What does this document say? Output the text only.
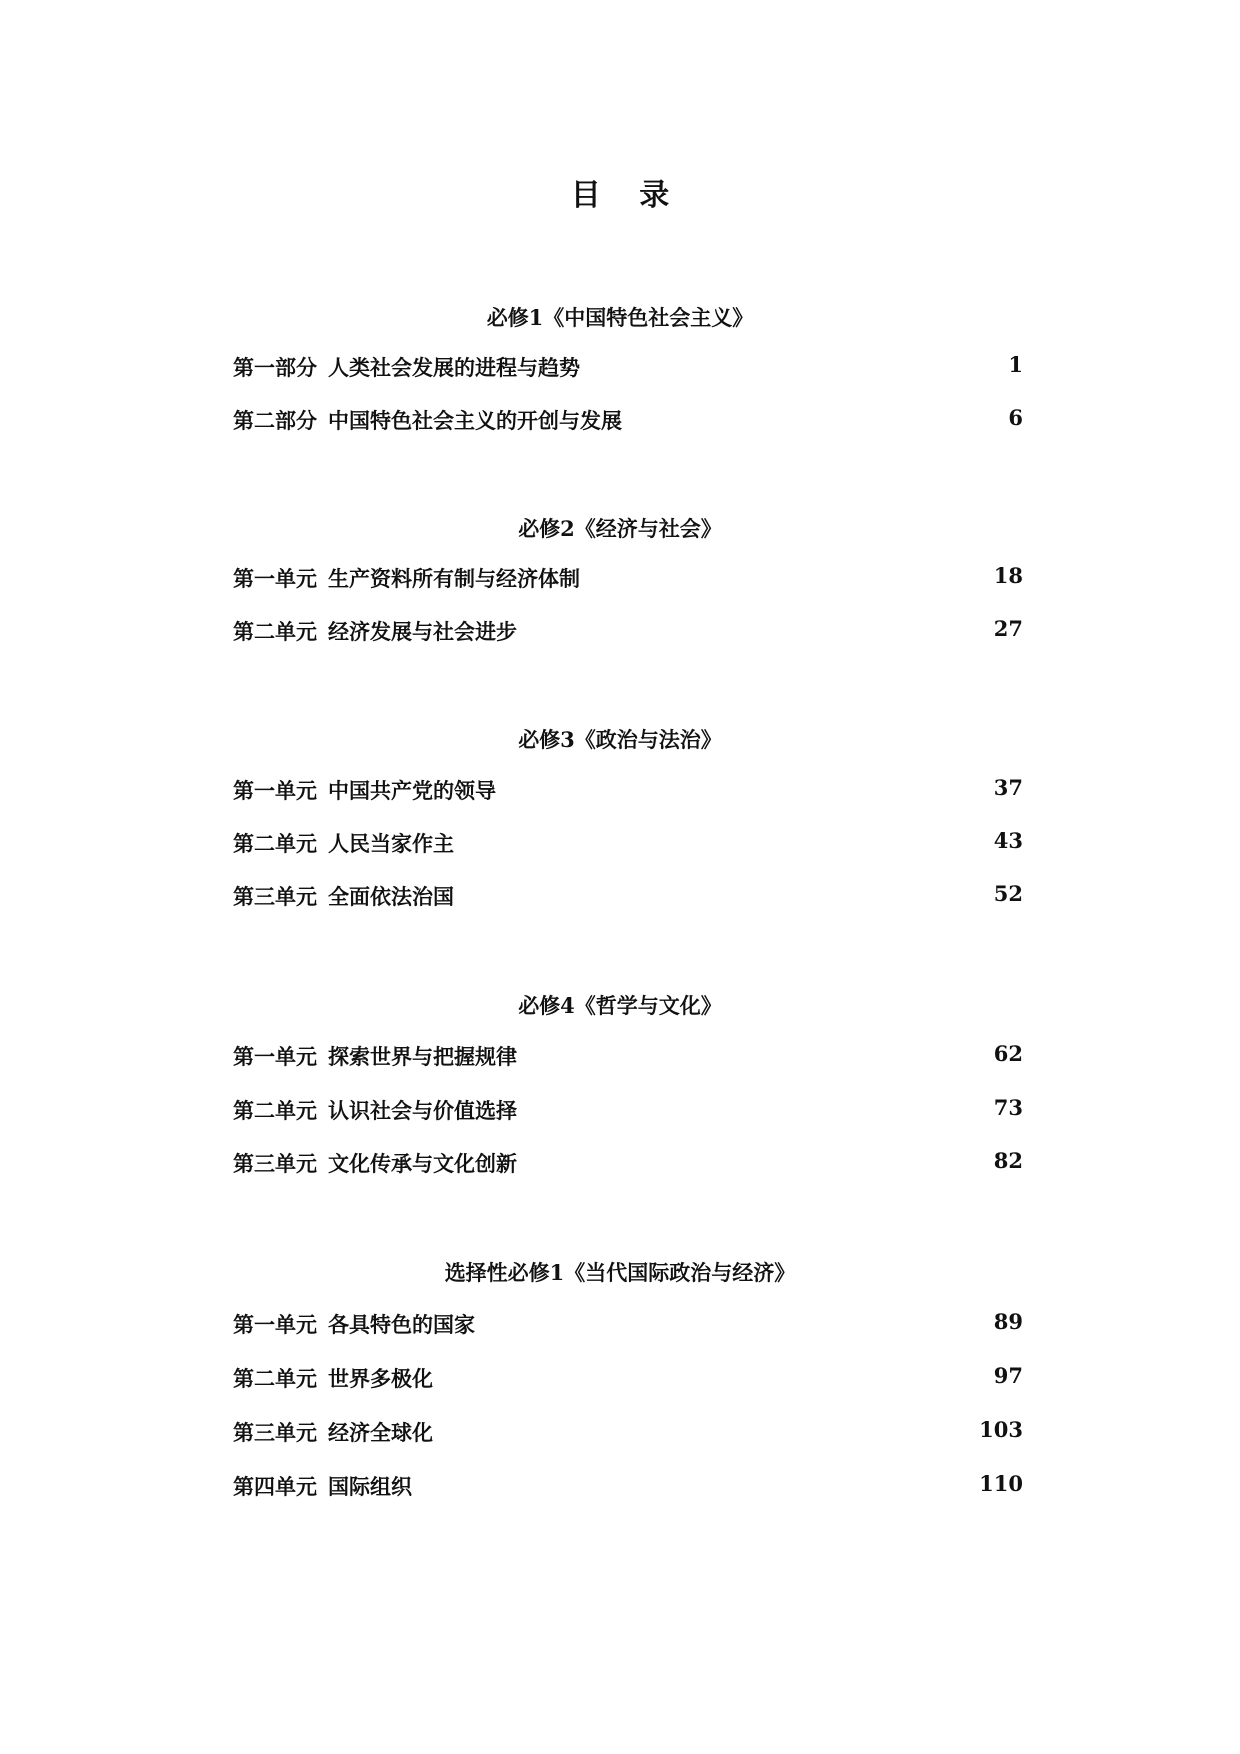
目 录
必修1《中国特色社会主义》
第一部分 人类社会发展的进程与趋势	1
第二部分 中国特色社会主义的开创与发展	6
必修2《经济与社会》
第一单元 生产资料所有制与经济体制	18
第二单元 经济发展与社会进步	27
必修3《政治与法治》
第一单元 中国共产党的领导	37
第二单元 人民当家作主	43
第三单元 全面依法治国	52
必修4《哲学与文化》
第一单元 探索世界与把握规律	62
第二单元 认识社会与价值选择	73
第三单元 文化传承与文化创新	82
选择性必修1《当代国际政治与经济》
第一单元 各具特色的国家	89
第二单元 世界多极化	97
第三单元 经济全球化	103
第四单元 国际组织	110
